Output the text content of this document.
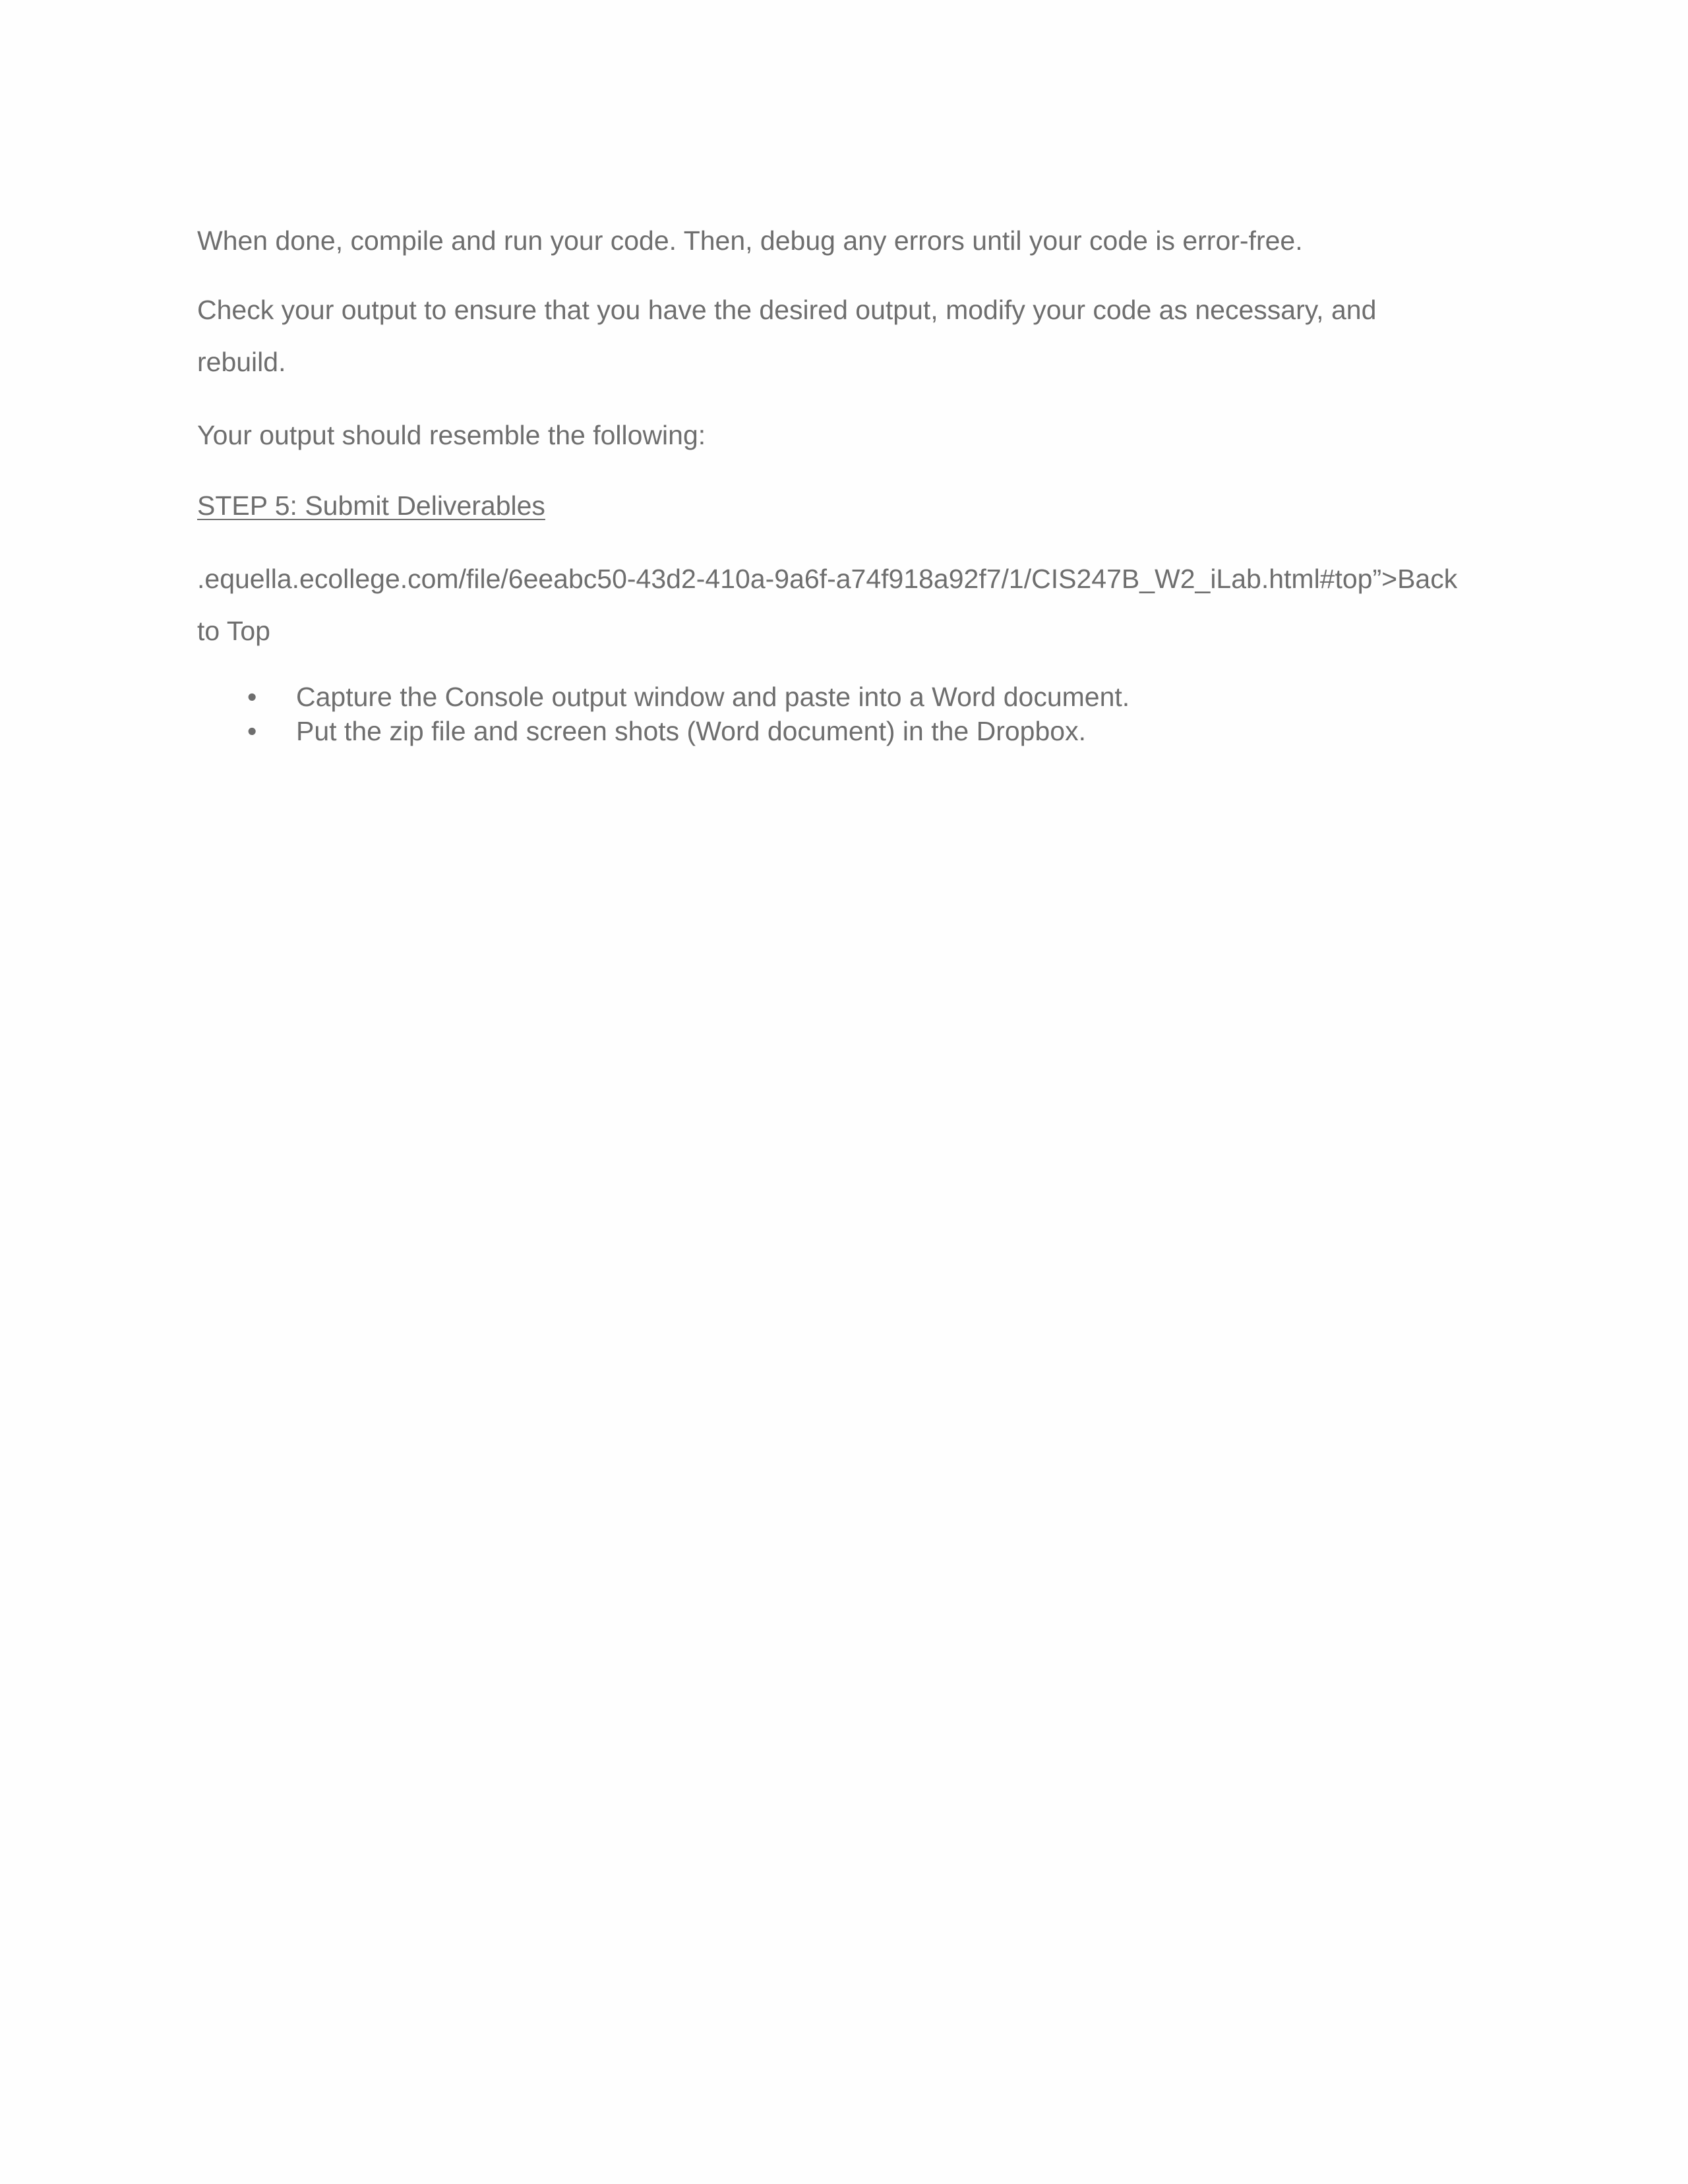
When done, compile and run your code. Then, debug any errors until your code is error-free.

Check your output to ensure that you have the desired output, modify your code as necessary, and rebuild.

Your output should resemble the following:

STEP 5: Submit Deliverables

.equella.ecollege.com/file/6eeabc50-43d2-410a-9a6f-a74f918a92f7/1/CIS247B_W2_iLab.html#top”>Back
to Top

• Capture the Console output window and paste into a Word document.
• Put the zip file and screen shots (Word document) in the Dropbox.
